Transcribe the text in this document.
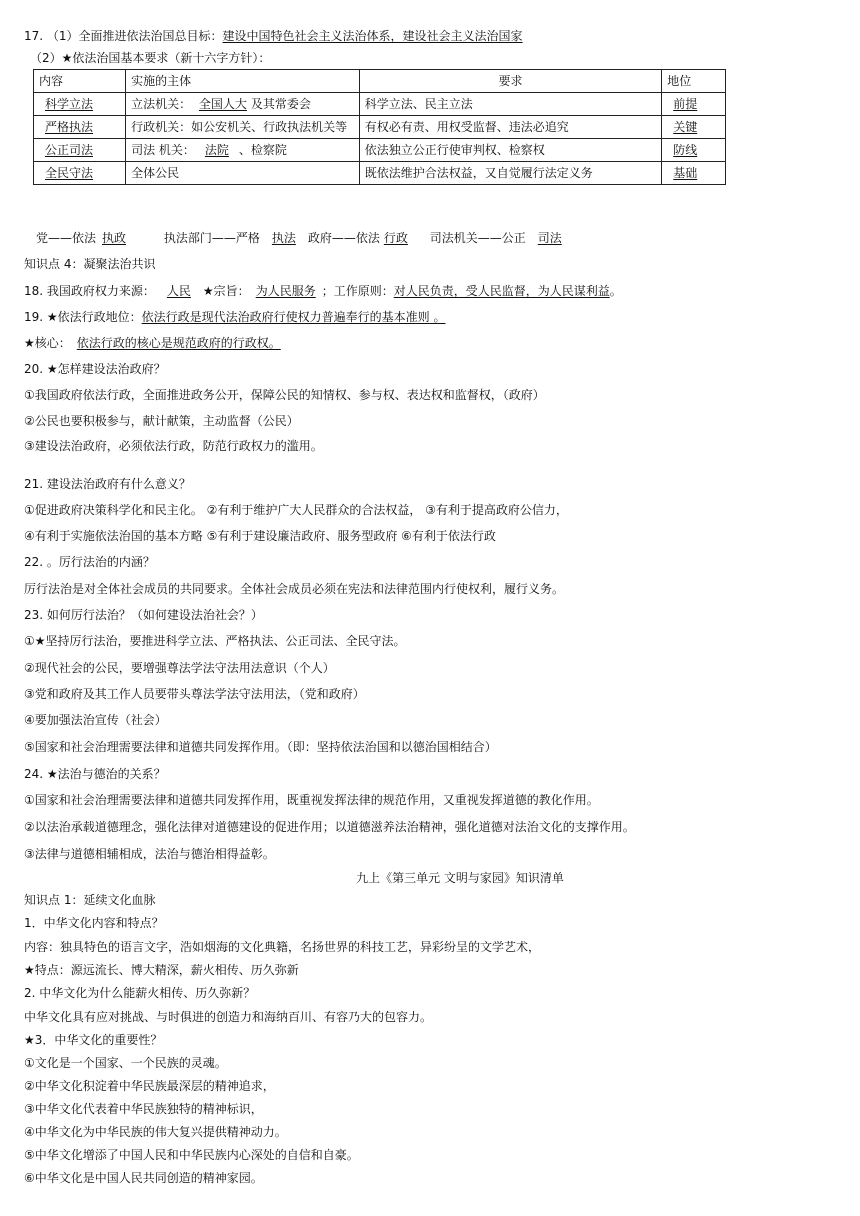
17. （1）全面推进依法治国总目标：建设中国特色社会主义法治体系，建设社会主义法治国家
（2）★依法治国基本要求（新十六字方针）：
内容	实施的主体	要求	地位
科学立法	立法机关： 全国人大 及其常委会	科学立法、民主立法	前提
严格执法	行政机关：如公安机关、行政执法机关等	有权必有责、用权受监督、违法必追究	关键
公正司法	司法 机关： 法院 、检察院	依法独立公正行使审判权、检察权	防线
全民守法	全体公民	既依法维护合法权益，又自觉履行法定义务	基础
党——依法 执政	执法部门——严格 执法 政府——依法 行政 司法机关——公正 司法
知识点 4：凝聚法治共识
18. 我国政府权力来源： 人民 ★宗旨： 为人民服务 ；工作原则：对人民负责，受人民监督，为人民谋利益。
19. ★依法行政地位：依法行政是现代法治政府行使权力普遍奉行的基本准则 。
★核心： 依法行政的核心是规范政府的行政权。
20. ★怎样建设法治政府？
①我国政府依法行政，全面推进政务公开，保障公民的知情权、参与权、表达权和监督权，（政府）
②公民也要积极参与，献计献策，主动监督（公民）
③建设法治政府，必须依法行政，防范行政权力的滥用。
21. 建设法治政府有什么意义？
①促进政府决策科学化和民主化。 ②有利于维护广大人民群众的合法权益， ③有利于提高政府公信力，
④有利于实施依法治国的基本方略 ⑤有利于建设廉洁政府、服务型政府 ⑥有利于依法行政
22. 。厉行法治的内涵？
厉行法治是对全体社会成员的共同要求。全体社会成员必须在宪法和法律范围内行使权利，履行义务。
23. 如何厉行法治？（如何建设法治社会？）
①★坚持厉行法治，要推进科学立法、严格执法、公正司法、全民守法。
②现代社会的公民，要增强尊法学法守法用法意识（个人）
③党和政府及其工作人员要带头尊法学法守法用法，（党和政府）
④要加强法治宣传（社会）
⑤国家和社会治理需要法律和道德共同发挥作用。（即：坚持依法治国和以德治国相结合）
24. ★法治与德治的关系？
①国家和社会治理需要法律和道德共同发挥作用，既重视发挥法律的规范作用，又重视发挥道德的教化作用。
②以法治承载道德理念，强化法律对道德建设的促进作用；以道德滋养法治精神，强化道德对法治文化的支撑作用。
③法律与道德相辅相成，法治与德治相得益彰。
九上《第三单元 文明与家园》知识清单
知识点 1：延续文化血脉
1．中华文化内容和特点？
内容：独具特色的语言文字，浩如烟海的文化典籍，名扬世界的科技工艺，异彩纷呈的文学艺术，
★特点：源远流长、博大精深，薪火相传、历久弥新
2. 中华文化为什么能薪火相传、历久弥新？
中华文化具有应对挑战、与时俱进的创造力和海纳百川、有容乃大的包容力。
★3．中华文化的重要性？
①文化是一个国家、一个民族的灵魂。
②中华文化积淀着中华民族最深层的精神追求，
③中华文化代表着中华民族独特的精神标识，
④中华文化为中华民族的伟大复兴提供精神动力。
⑤中华文化增添了中国人民和中华民族内心深处的自信和自豪。
⑥中华文化是中国人民共同创造的精神家园。
